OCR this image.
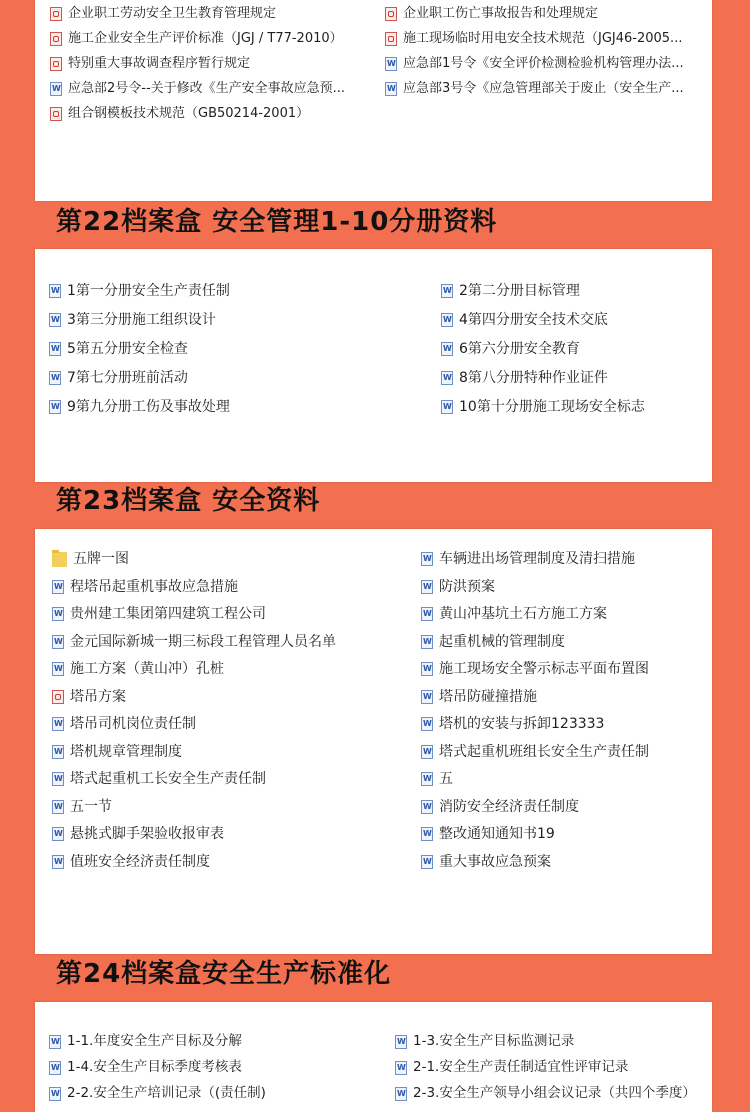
企业职工劳动安全卫生教育管理规定
施工企业安全生产评价标准（JGJ / T77-2010）
特别重大事故调查程序暂行规定
W
应急部2号令--关于修改《生产安全事故应急预...
组合钢模板技术规范（GB50214-2001）
企业职工伤亡事故报告和处理规定
施工现场临时用电安全技术规范（JGJ46-2005...
W
应急部1号令《安全评价检测检验机构管理办法...
W
应急部3号令《应急管理部关于废止（安全生产...
第22档案盒 安全管理1-10分册资料
W
1第一分册安全生产责任制
W
3第三分册施工组织设计
W
5第五分册安全检查
W
7第七分册班前活动
W
9第九分册工伤及事故处理
W
2第二分册目标管理
W
4第四分册安全技术交底
W
6第六分册安全教育
W
8第八分册特种作业证件
W
10第十分册施工现场安全标志
第23档案盒 安全资料
五牌一图
W
程塔吊起重机事故应急措施
W
贵州建工集团第四建筑工程公司
W
金元国际新城一期三标段工程管理人员名单
W
施工方案（黄山冲）孔桩
塔吊方案
W
塔吊司机岗位责任制
W
塔机规章管理制度
W
塔式起重机工长安全生产责任制
W
五一节
W
悬挑式脚手架验收报审表
W
值班安全经济责任制度
W
车辆进出场管理制度及清扫措施
W
防洪预案
W
黄山冲基坑土石方施工方案
W
起重机械的管理制度
W
施工现场安全警示标志平面布置图
W
塔吊防碰撞措施
W
塔机的安装与拆卸123333
W
塔式起重机班组长安全生产责任制
W
五
W
消防安全经济责任制度
W
整改通知通知书19
W
重大事故应急预案
第24档案盒安全生产标准化
W
1-1.年度安全生产目标及分解
W
1-4.安全生产目标季度考核表
W
2-2.安全生产培训记录（(责任制)
W
1-3.安全生产目标监测记录
W
2-1.安全生产责任制适宜性评审记录
W
2-3.安全生产领导小组会议记录（共四个季度）
